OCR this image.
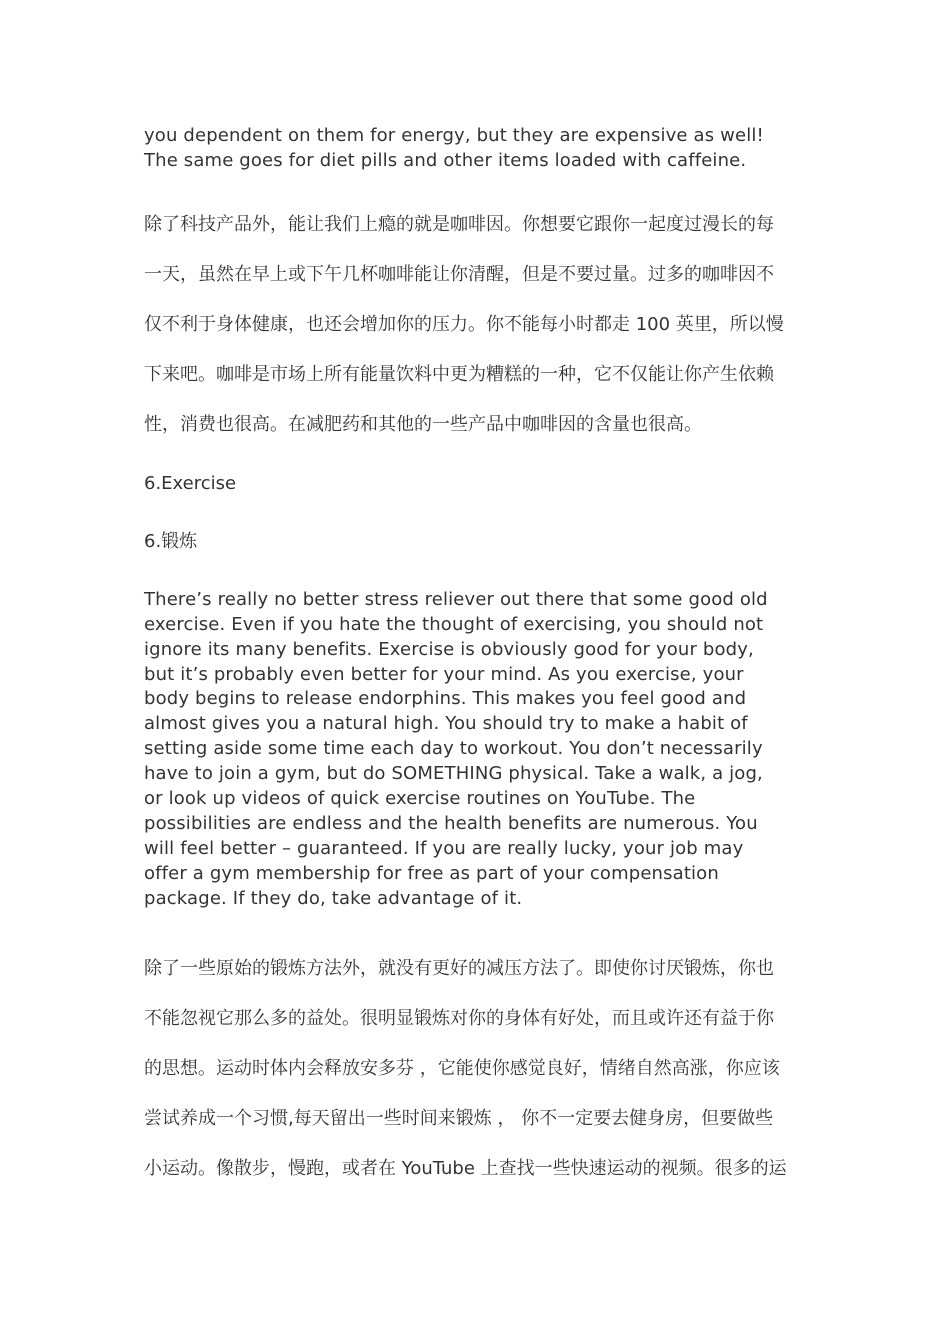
you dependent on them for energy, but they are expensive as well!
The same goes for diet pills and other items loaded with caffeine.

除了科技产品外，能让我们上瘾的就是咖啡因。你想要它跟你一起度过漫长的每
一天，虽然在早上或下午几杯咖啡能让你清醒，但是不要过量。过多的咖啡因不
仅不利于身体健康，也还会增加你的压力。你不能每小时都走 100 英里，所以慢
下来吧。咖啡是市场上所有能量饮料中更为糟糕的一种，它不仅能让你产生依赖
性，消费也很高。在减肥药和其他的一些产品中咖啡因的含量也很高。

6.Exercise

6.锻炼

There’s really no better stress reliever out there that some good old
exercise. Even if you hate the thought of exercising, you should not
ignore its many benefits. Exercise is obviously good for your body,
but it’s probably even better for your mind. As you exercise, your
body begins to release endorphins. This makes you feel good and
almost gives you a natural high. You should try to make a habit of
setting aside some time each day to workout. You don’t necessarily
have to join a gym, but do SOMETHING physical. Take a walk, a jog,
or look up videos of quick exercise routines on YouTube. The
possibilities are endless and the health benefits are numerous. You
will feel better – guaranteed. If you are really lucky, your job may
offer a gym membership for free as part of your compensation
package. If they do, take advantage of it.

除了一些原始的锻炼方法外，就没有更好的减压方法了。即使你讨厌锻炼，你也
不能忽视它那么多的益处。很明显锻炼对你的身体有好处，而且或许还有益于你
的思想。运动时体内会释放安多芬 ，它能使你感觉良好，情绪自然高涨，你应该
尝试养成一个习惯,每天留出一些时间来锻炼 ， 你不一定要去健身房，但要做些
小运动。像散步，慢跑，或者在 YouTube 上查找一些快速运动的视频。很多的运
